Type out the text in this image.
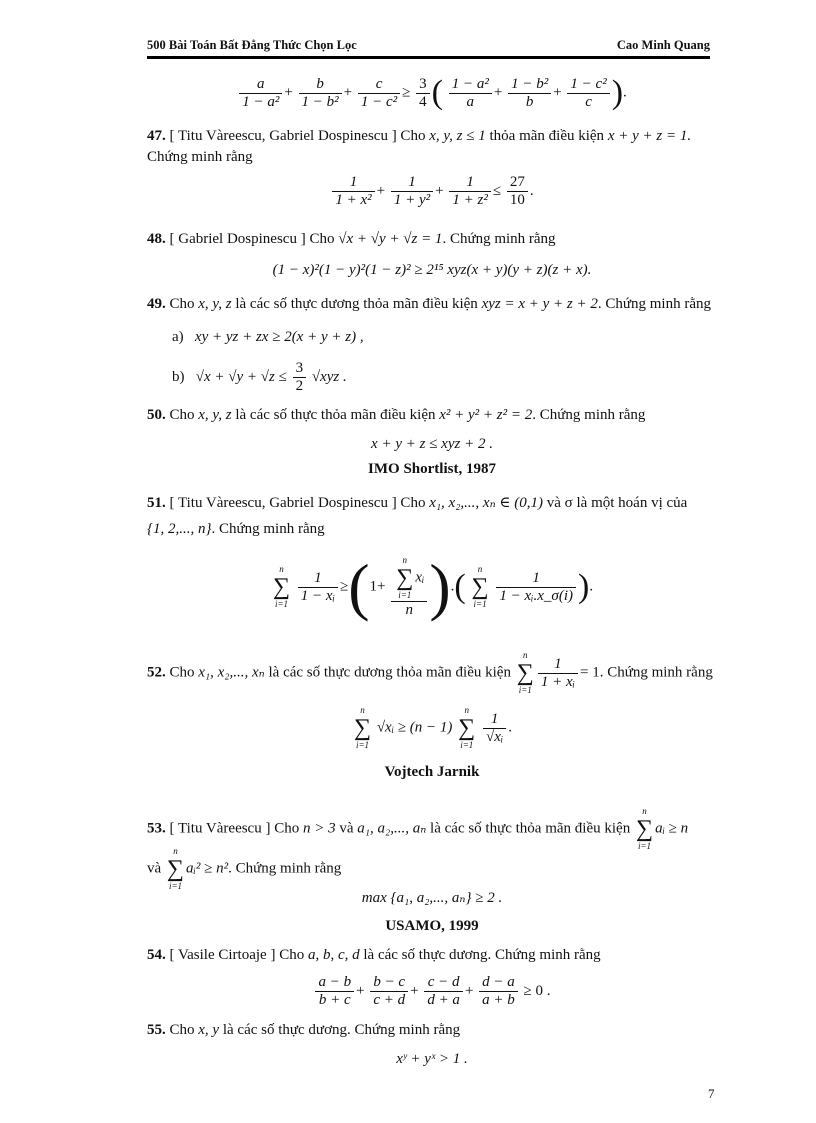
500 Bài Toán Bất Đẳng Thức Chọn Lọc	Cao Minh Quang
$\frac{a}{\text{1 − a²}} + \frac{b}{\text{1 − b²}} + \frac{c}{\text{1 − c²}} \ge \frac{3}{4}$ ( $\frac{\text{1 − a²}}{a} + \frac{\text{1 − b²}}{b} + \frac{\text{1 − c²}}{c}$ ).
47. [ Titu Vàreescu, Gabriel Dospinescu ] Cho x, y, z ≤ 1 thỏa mãn điều kiện x + y + z = 1.
Chứng minh rằng
$\frac{1}{\text{1 + x²}} + \frac{1}{\text{1 + y²}} + \frac{1}{\text{1 + z²}} \le \frac{27}{10}$ .
48. [ Gabriel Dospinescu ] Cho √x + √y + √z = 1. Chứng minh rằng
(1 − x)²(1 − y)²(1 − z)² ≥ 2¹⁵ xyz(x + y)(y + z)(z + x).
49. Cho x, y, z là các số thực dương thỏa mãn điều kiện xyz = x + y + z + 2. Chứng minh rằng
a) xy + yz + zx ≥ 2(x + y + z) ,
b) $√x + √y + √z \le \frac{3}{2} √xyz$ .
50. Cho x, y, z là các số thực thỏa mãn điều kiện x² + y² + z² = 2. Chứng minh rằng
x + y + z ≤ xyz + 2 .
IMO Shortlist, 1987
51. [ Titu Vàreescu, Gabriel Dospinescu ] Cho x₁, x₂,..., xₙ ∈ (0,1) và σ là một hoán vị của
{1, 2,..., n}. Chứng minh rằng
n
∑
i=1
$\frac{1}{\text{1 − xᵢ}} \ge(1+ n$
∑
i=1
xᵢ
n ).(	n
∑
i=1
$\frac{1}{\text{1 − xᵢ.x\_σ(i)}}$ ).
52. Cho x₁, x₂,..., xₙ là các số thực dương thỏa mãn điều kiện
n
∑
$i=1 \frac{1}{\text{1 + xᵢ}} = 1$. Chứng minh rằng
n
∑
i=1
√xᵢ ≥ (n − 1)
n
∑
i=1
$\frac{1}{\text{√xᵢ}}$ .
Vojtech Jarnik
53. [ Titu Vàreescu ] Cho n > 3 và a₁, a₂,..., aₙ là các số thực thỏa mãn điều kiện
n
∑
i=1
aᵢ ≥ n
và
n
∑
i=1
aᵢ² ≥ n². Chứng minh rằng
max {a₁, a₂,..., aₙ} ≥ 2 .
USAMO, 1999
54. [ Vasile Cirtoaje ] Cho a, b, c, d là các số thực dương. Chứng minh rằng
$\frac{a - b}{b + c} + \frac{b - c}{c + d} + \frac{c - d}{d + a} + \frac{d - a}{a + b} \ge 0$ .
55. Cho x, y là các số thực dương. Chứng minh rằng
xʸ + yˣ > 1 .
7
